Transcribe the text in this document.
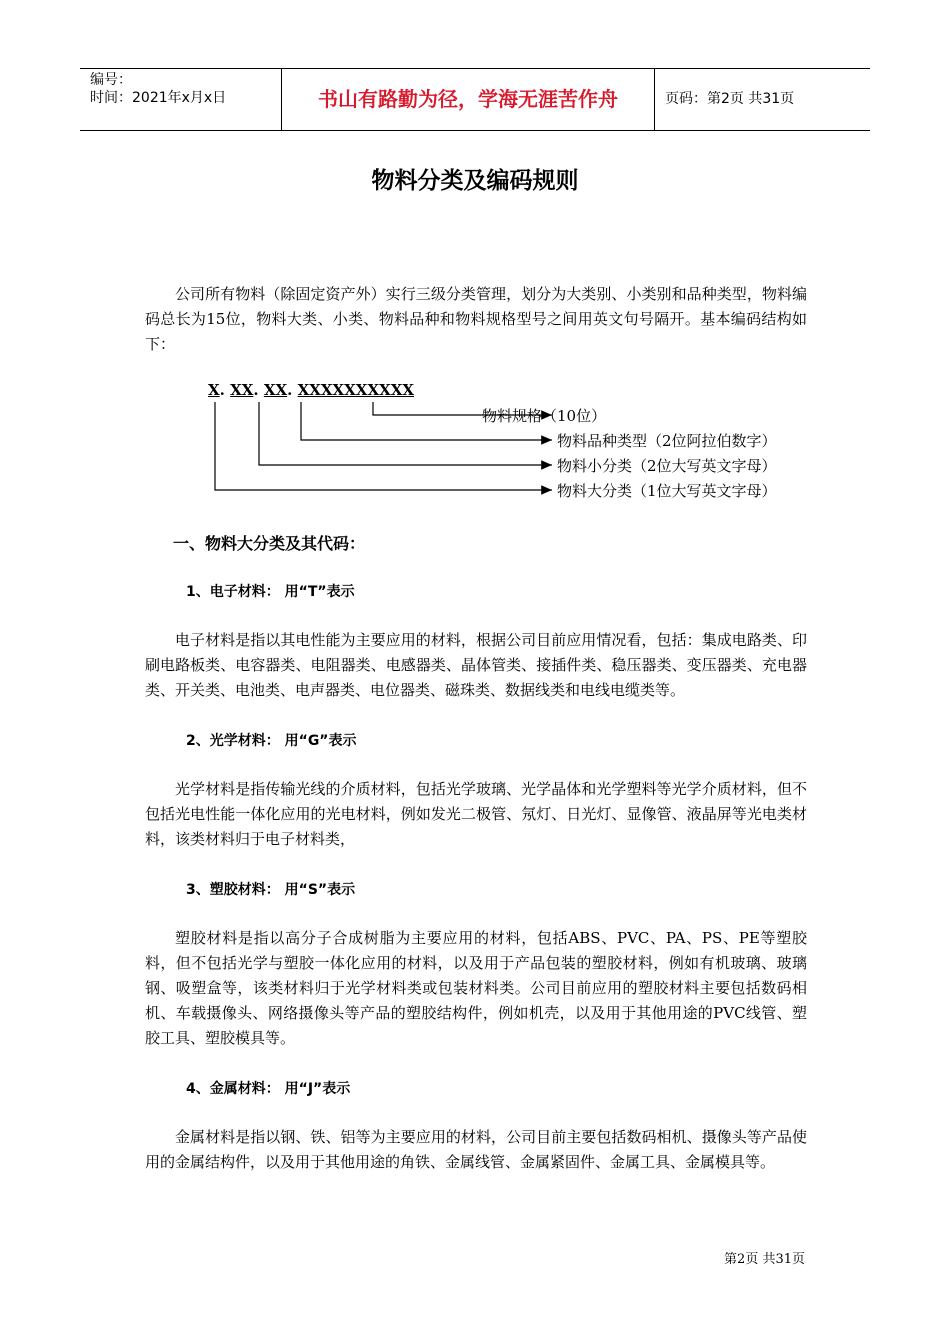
编号：
时间：2021年x月x日	书山有路勤为径，学海无涯苦作舟	页码：第2页 共31页
物料分类及编码规则

公司所有物料（除固定资产外）实行三级分类管理，划分为大类别、小类别和品种类型，物料编码总长为15位，物料大类、小类、物料品种和物料规格型号之间用英文句号隔开。基本编码结构如下：

X. XX. XX. XXXXXXXXXX
物料规格（10位）
物料品种类型（2位阿拉伯数字）
物料小分类（2位大写英文字母）
物料大分类（1位大写英文字母）
一、物料大分类及其代码：
1、电子材料： 用“T”表示

电子材料是指以其电性能为主要应用的材料，根据公司目前应用情况看，包括：集成电路类、印刷电路板类、电容器类、电阻器类、电感器类、晶体管类、接插件类、稳压器类、变压器类、充电器类、开关类、电池类、电声器类、电位器类、磁珠类、数据线类和电线电缆类等。

2、光学材料： 用“G”表示

光学材料是指传输光线的介质材料，包括光学玻璃、光学晶体和光学塑料等光学介质材料，但不包括光电性能一体化应用的光电材料，例如发光二极管、氖灯、日光灯、显像管、液晶屏等光电类材料，该类材料归于电子材料类，

3、塑胶材料： 用“S”表示

塑胶材料是指以高分子合成树脂为主要应用的材料，包括ABS、PVC、PA、PS、PE等塑胶料，但不包括光学与塑胶一体化应用的材料，以及用于产品包装的塑胶材料，例如有机玻璃、玻璃钢、吸塑盒等，该类材料归于光学材料类或包装材料类。公司目前应用的塑胶材料主要包括数码相机、车载摄像头、网络摄像头等产品的塑胶结构件，例如机壳，以及用于其他用途的PVC线管、塑胶工具、塑胶模具等。

4、金属材料： 用“J”表示

金属材料是指以钢、铁、铝等为主要应用的材料，公司目前主要包括数码相机、摄像头等产品使用的金属结构件，以及用于其他用途的角铁、金属线管、金属紧固件、金属工具、金属模具等。

第2页 共31页
